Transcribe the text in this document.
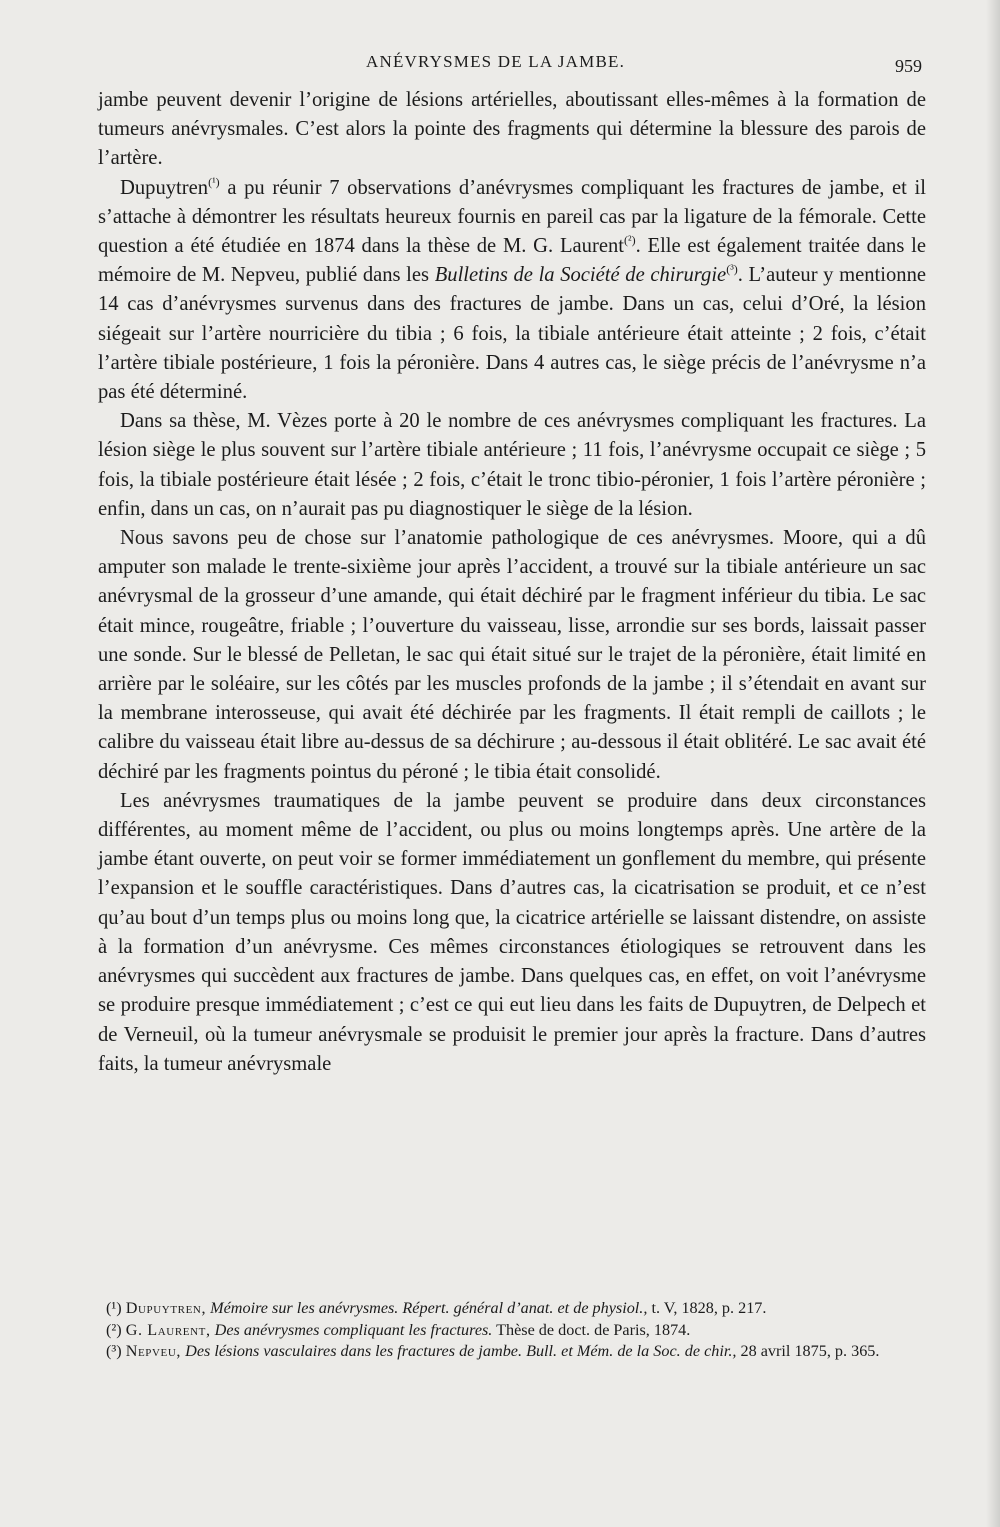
ANÉVRYSMES DE LA JAMBE.	959

jambe peuvent devenir l’origine de lésions artérielles, aboutissant elles-mêmes à la formation de tumeurs anévrysmales. C’est alors la pointe des fragments qui détermine la blessure des parois de l’artère.

Dupuytren$^{(^1)}$ a pu réunir 7 observations d’anévrysmes compliquant les fractures de jambe, et il s’attache à démontrer les résultats heureux fournis en pareil cas par la ligature de la fémorale. Cette question a été étudiée en 1874 dans la thèse de M. G. Laurent$^{(^2)}$. Elle est également traitée dans le mémoire de M. Nepveu, publié dans les Bulletins de la Société de chirurgie$^{(^3)}$. L’auteur y mentionne 14 cas d’anévrysmes survenus dans des fractures de jambe. Dans un cas, celui d’Oré, la lésion siégeait sur l’artère nourricière du tibia ; 6 fois, la tibiale antérieure était atteinte ; 2 fois, c’était l’artère tibiale postérieure, 1 fois la péronière. Dans 4 autres cas, le siège précis de l’anévrysme n’a pas été déterminé.

Dans sa thèse, M. Vèzes porte à 20 le nombre de ces anévrysmes compliquant les fractures. La lésion siège le plus souvent sur l’artère tibiale antérieure ; 11 fois, l’anévrysme occupait ce siège ; 5 fois, la tibiale postérieure était lésée ; 2 fois, c’était le tronc tibio-péronier, 1 fois l’artère péronière ; enfin, dans un cas, on n’aurait pas pu diagnostiquer le siège de la lésion.

Nous savons peu de chose sur l’anatomie pathologique de ces anévrysmes. Moore, qui a dû amputer son malade le trente-sixième jour après l’accident, a trouvé sur la tibiale antérieure un sac anévrysmal de la grosseur d’une amande, qui était déchiré par le fragment inférieur du tibia. Le sac était mince, rougeâtre, friable ; l’ouverture du vaisseau, lisse, arrondie sur ses bords, laissait passer une sonde. Sur le blessé de Pelletan, le sac qui était situé sur le trajet de la péronière, était limité en arrière par le soléaire, sur les côtés par les muscles profonds de la jambe ; il s’étendait en avant sur la membrane interosseuse, qui avait été déchirée par les fragments. Il était rempli de caillots ; le calibre du vaisseau était libre au-dessus de sa déchirure ; au-dessous il était oblitéré. Le sac avait été déchiré par les fragments pointus du péroné ; le tibia était consolidé.

Les anévrysmes traumatiques de la jambe peuvent se produire dans deux circonstances différentes, au moment même de l’accident, ou plus ou moins longtemps après. Une artère de la jambe étant ouverte, on peut voir se former immédiatement un gonflement du membre, qui présente l’expansion et le souffle caractéristiques. Dans d’autres cas, la cicatrisation se produit, et ce n’est qu’au bout d’un temps plus ou moins long que, la cicatrice artérielle se laissant distendre, on assiste à la formation d’un anévrysme. Ces mêmes circonstances étiologiques se retrouvent dans les anévrysmes qui succèdent aux fractures de jambe. Dans quelques cas, en effet, on voit l’anévrysme se produire presque immédiatement ; c’est ce qui eut lieu dans les faits de Dupuytren, de Delpech et de Verneuil, où la tumeur anévrysmale se produisit le premier jour après la fracture. Dans d’autres faits, la tumeur anévrysmale

(¹) Dupuytren, Mémoire sur les anévrysmes. Répert. général d’anat. et de physiol., t. V, 1828, p. 217.

(²) G. Laurent, Des anévrysmes compliquant les fractures. Thèse de doct. de Paris, 1874.

(³) Nepveu, Des lésions vasculaires dans les fractures de jambe. Bull. et Mém. de la Soc. de chir., 28 avril 1875, p. 365.
